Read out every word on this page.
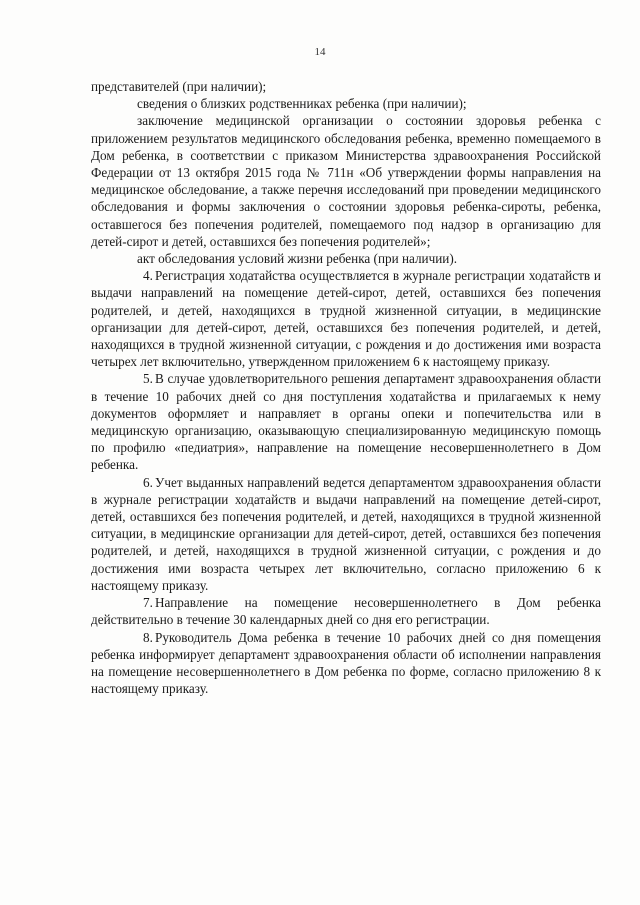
14

представителей (при наличии);

сведения о близких родственниках ребенка (при наличии);

заключение медицинской организации о состоянии здоровья ребенка с приложением результатов медицинского обследования ребенка, временно помещаемого в Дом ребенка, в соответствии с приказом Министерства здравоохранения Российской Федерации от 13 октября 2015 года № 711н «Об утверждении формы направления на медицинское обследование, а также перечня исследований при проведении медицинского обследования и формы заключения о состоянии здоровья ребенка-сироты, ребенка, оставшегося без попечения родителей, помещаемого под надзор в организацию для детей-сирот и детей, оставшихся без попечения родителей»;

акт обследования условий жизни ребенка (при наличии).

4. Регистрация ходатайства осуществляется в журнале регистрации ходатайств и выдачи направлений на помещение детей-сирот, детей, оставшихся без попечения родителей, и детей, находящихся в трудной жизненной ситуации, в медицинские организации для детей-сирот, детей, оставшихся без попечения родителей, и детей, находящихся в трудной жизненной ситуации, с рождения и до достижения ими возраста четырех лет включительно, утвержденном приложением 6 к настоящему приказу.

5. В случае удовлетворительного решения департамент здравоохранения области в течение 10 рабочих дней со дня поступления ходатайства и прилагаемых к нему документов оформляет и направляет в органы опеки и попечительства или в медицинскую организацию, оказывающую специализированную медицинскую помощь по профилю «педиатрия», направление на помещение несовершеннолетнего в Дом ребенка.

6. Учет выданных направлений ведется департаментом здравоохранения области в журнале регистрации ходатайств и выдачи направлений на помещение детей-сирот, детей, оставшихся без попечения родителей, и детей, находящихся в трудной жизненной ситуации, в медицинские организации для детей-сирот, детей, оставшихся без попечения родителей, и детей, находящихся в трудной жизненной ситуации, с рождения и до достижения ими возраста четырех лет включительно, согласно приложению 6 к настоящему приказу.

7. Направление на помещение несовершеннолетнего в Дом ребенка действительно в течение 30 календарных дней со дня его регистрации.

8. Руководитель Дома ребенка в течение 10 рабочих дней со дня помещения ребенка информирует департамент здравоохранения области об исполнении направления на помещение несовершеннолетнего в Дом ребенка по форме, согласно приложению 8 к настоящему приказу.
